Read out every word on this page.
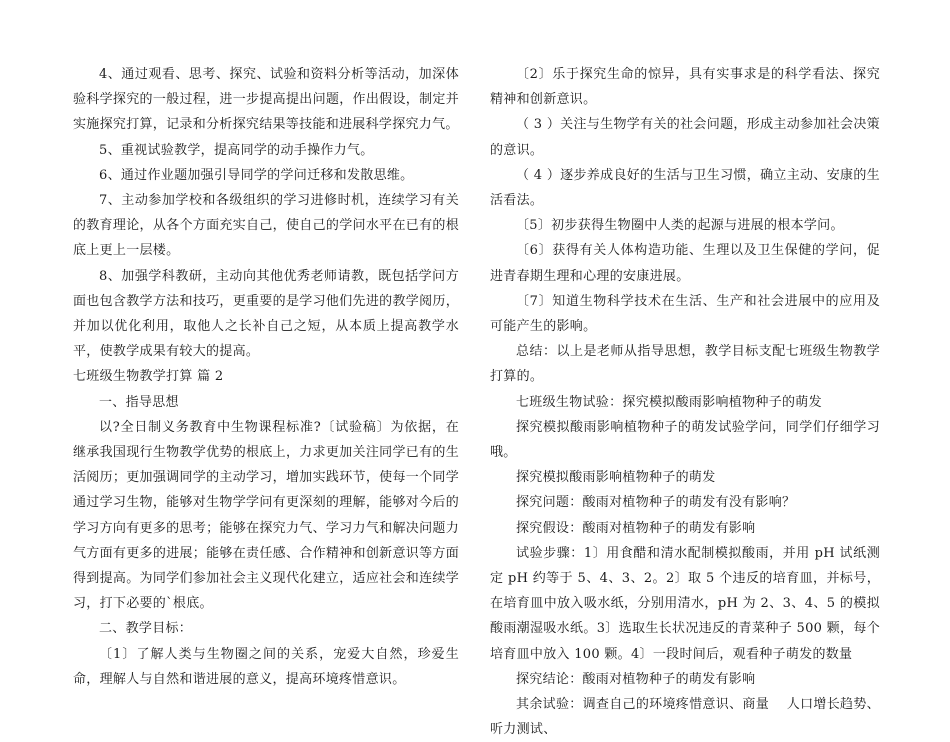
4、通过观看、思考、探究、试验和资料分析等活动，加深体验科学探究的一般过程，进一步提高提出问题，作出假设，制定并实施探究打算，记录和分析探究结果等技能和进展科学探究力气。

5、重视试验教学，提高同学的动手操作力气。

6、通过作业题加强引导同学的学问迁移和发散思维。

7、主动参加学校和各级组织的学习进修时机，连续学习有关的教育理论，从各个方面充实自己，使自己的学问水平在已有的根底上更上一层楼。

8、加强学科教研，主动向其他优秀老师请教，既包括学问方面也包含教学方法和技巧，更重要的是学习他们先进的教学阅历，并加以优化利用，取他人之长补自己之短，从本质上提高教学水平，使教学成果有较大的提高。

七班级生物教学打算 篇 2

一、指导思想

以?全日制义务教育中生物课程标准?〔试验稿〕为依据，在继承我国现行生物教学优势的根底上，力求更加关注同学已有的生活阅历；更加强调同学的主动学习，增加实践环节，使每一个同学通过学习生物，能够对生物学学问有更深刻的理解，能够对今后的学习方向有更多的思考；能够在探究力气、学习力气和解决问题力气方面有更多的进展；能够在责任感、合作精神和创新意识等方面得到提高。为同学们参加社会主义现代化建立，适应社会和连续学习，打下必要的`根底。

二、教学目标：

〔1〕了解人类与生物圈之间的关系，宠爱大自然，珍爱生命，理解人与自然和谐进展的意义，提高环境疼惜意识。

〔2〕乐于探究生命的惊异，具有实事求是的科学看法、探究精神和创新意识。

（ 3 ）关注与生物学有关的社会问题，形成主动参加社会决策的意识。

（ 4 ）逐步养成良好的生活与卫生习惯，确立主动、安康的生活看法。

〔5〕初步获得生物圈中人类的起源与进展的根本学问。

〔6〕获得有关人体构造功能、生理以及卫生保健的学问，促进青春期生理和心理的安康进展。

〔7〕知道生物科学技术在生活、生产和社会进展中的应用及可能产生的影响。

总结：以上是老师从指导思想，教学目标支配七班级生物教学打算的。

七班级生物试验：探究模拟酸雨影响植物种子的萌发

探究模拟酸雨影响植物种子的萌发试验学问，同学们仔细学习哦。

探究模拟酸雨影响植物种子的萌发

探究问题：酸雨对植物种子的萌发有没有影响？

探究假设：酸雨对植物种子的萌发有影响

试验步骤：1〕用食醋和清水配制模拟酸雨，并用 pH 试纸测定 pH 约等于 5、4、3、2。2〕取 5 个违反的培育皿，并标号，在培育皿中放入吸水纸，分别用清水，pH 为 2、3、4、5 的模拟酸雨潮湿吸水纸。3〕选取生长状况违反的青菜种子 500 颗，每个培育皿中放入 100 颗。4〕一段时间后，观看种子萌发的数量

探究结论：酸雨对植物种子的萌发有影响

其余试验：调查自己的环境疼惜意识、商量　 人口增长趋势、听力测试、
